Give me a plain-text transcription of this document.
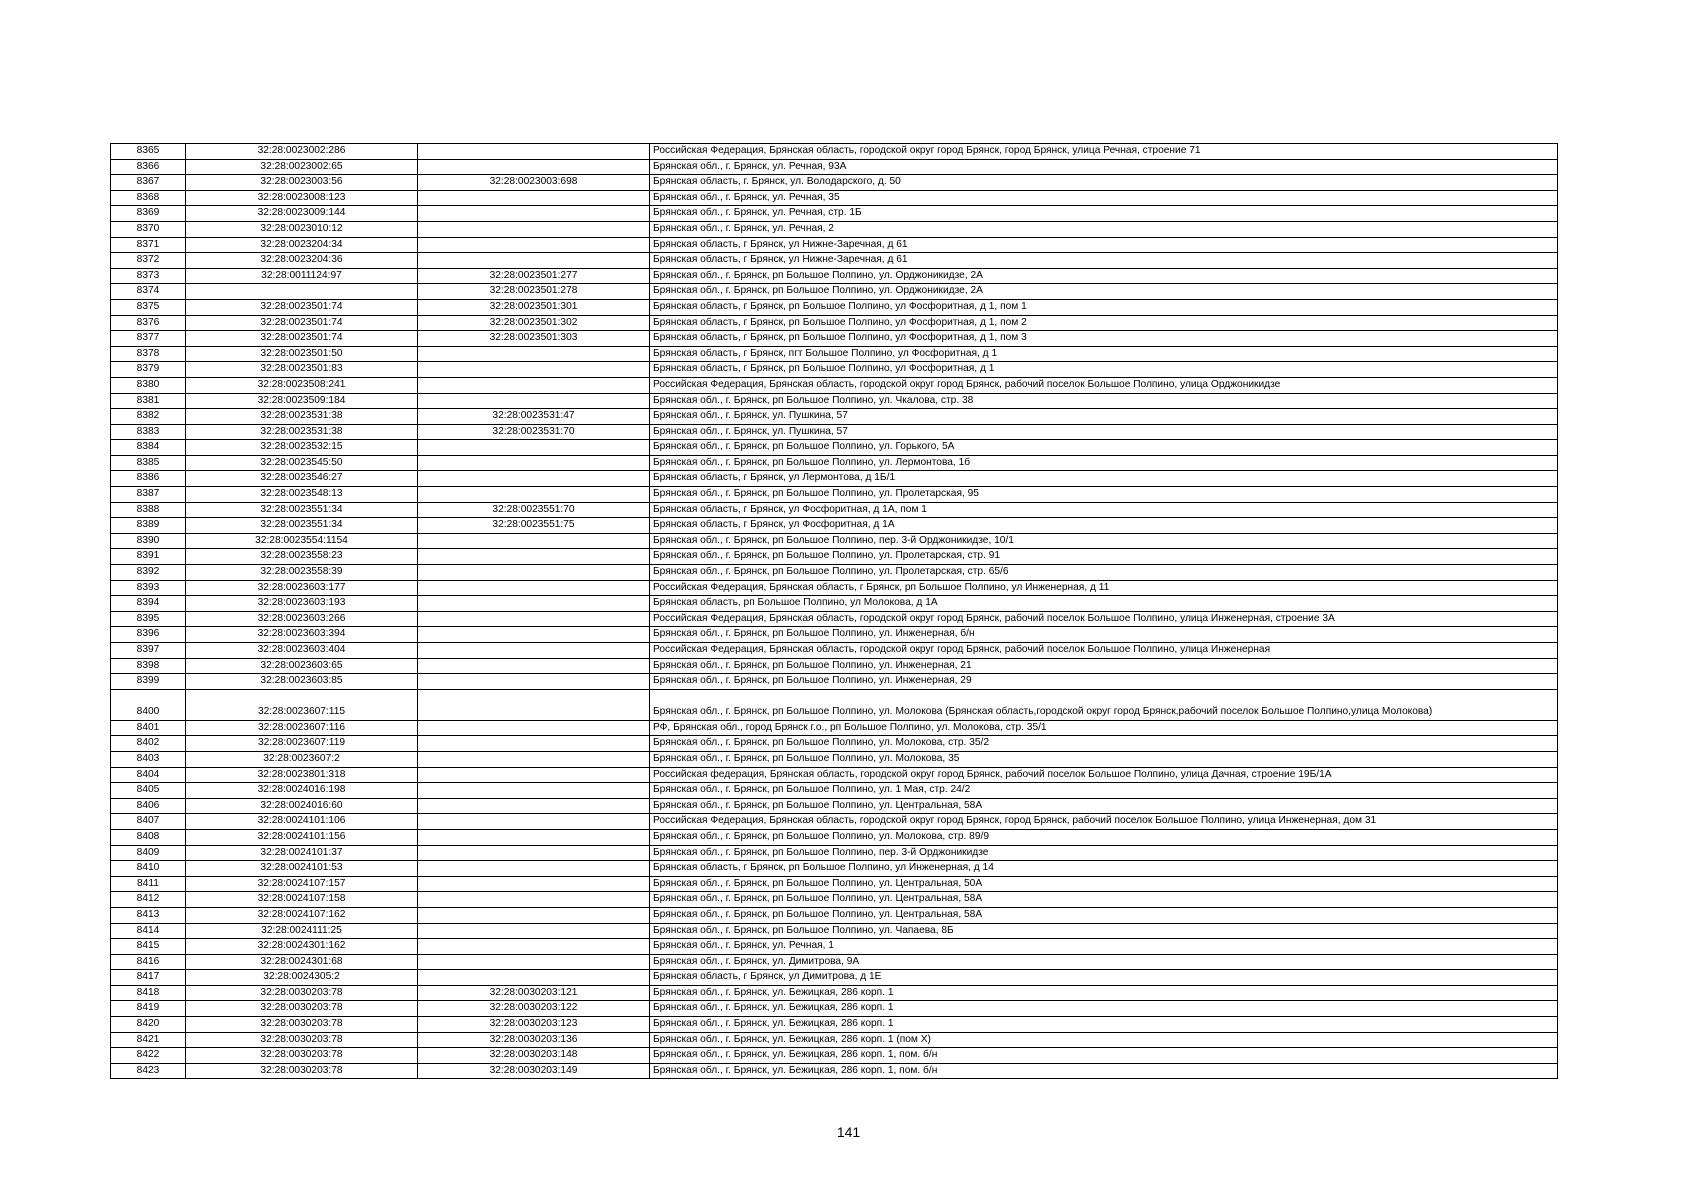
8365	32:28:0023002:286		Российская Федерация, Брянская область, городской округ город Брянск, город Брянск, улица Речная, строение 71
8366	32:28:0023002:65		Брянская обл., г. Брянск, ул. Речная, 93А
8367	32:28:0023003:56	32:28:0023003:698	Брянская область, г. Брянск, ул. Володарского, д. 50
8368	32:28:0023008:123		Брянская обл., г. Брянск, ул. Речная, 35
8369	32:28:0023009:144		Брянская обл., г. Брянск, ул. Речная, стр. 1Б
8370	32:28:0023010:12		Брянская обл., г. Брянск, ул. Речная, 2
8371	32:28:0023204:34		Брянская область, г Брянск, ул Нижне-Заречная, д 61
8372	32:28:0023204:36		Брянская область, г Брянск, ул Нижне-Заречная, д 61
8373	32:28:0011124:97	32:28:0023501:277	Брянская обл., г. Брянск, рп Большое Полпино, ул. Орджоникидзе, 2А
8374		32:28:0023501:278	Брянская обл., г. Брянск, рп Большое Полпино, ул. Орджоникидзе, 2А
8375	32:28:0023501:74	32:28:0023501:301	Брянская область, г Брянск, рп Большое Полпино, ул Фосфоритная, д 1, пом 1
8376	32:28:0023501:74	32:28:0023501:302	Брянская область, г Брянск, рп Большое Полпино, ул Фосфоритная, д 1, пом 2
8377	32:28:0023501:74	32:28:0023501:303	Брянская область, г Брянск, рп Большое Полпино, ул Фосфоритная, д 1, пом 3
8378	32:28:0023501:50		Брянская область, г Брянск, пгт Большое Полпино, ул Фосфоритная, д 1
8379	32:28:0023501:83		Брянская область, г Брянск, рп Большое Полпино, ул Фосфоритная, д 1
8380	32:28:0023508:241		Российская Федерация, Брянская область, городской округ город Брянск, рабочий поселок Большое Полпино, улица Орджоникидзе
8381	32:28:0023509:184		Брянская обл., г. Брянск, рп Большое Полпино, ул. Чкалова, стр. 38
8382	32:28:0023531:38	32:28:0023531:47	Брянская обл., г. Брянск, ул. Пушкина, 57
8383	32:28:0023531:38	32:28:0023531:70	Брянская обл., г. Брянск, ул. Пушкина, 57
8384	32:28:0023532:15		Брянская обл., г. Брянск, рп Большое Полпино, ул. Горького, 5А
8385	32:28:0023545:50		Брянская обл., г. Брянск, рп Большое Полпино, ул. Лермонтова, 1б
8386	32:28:0023546:27		Брянская область, г Брянск, ул Лермонтова, д 1Б/1
8387	32:28:0023548:13		Брянская обл., г. Брянск, рп Большое Полпино, ул. Пролетарская, 95
8388	32:28:0023551:34	32:28:0023551:70	Брянская область, г Брянск, ул Фосфоритная, д 1А, пом 1
8389	32:28:0023551:34	32:28:0023551:75	Брянская область, г Брянск, ул Фосфоритная, д 1А
8390	32:28:0023554:1154		Брянская обл., г. Брянск, рп Большое Полпино, пер. 3-й Орджоникидзе, 10/1
8391	32:28:0023558:23		Брянская обл., г. Брянск, рп Большое Полпино, ул. Пролетарская, стр. 91
8392	32:28:0023558:39		Брянская обл., г. Брянск, рп Большое Полпино, ул. Пролетарская, стр. 65/6
8393	32:28:0023603:177		Российская Федерация, Брянская область, г Брянск, рп Большое Полпино, ул Инженерная, д 11
8394	32:28:0023603:193		Брянская область, рп Большое Полпино, ул Молокова, д 1А
8395	32:28:0023603:266		Российская Федерация, Брянская область, городской округ город Брянск, рабочий поселок Большое Полпино, улица Инженерная, строение 3А
8396	32:28:0023603:394		Брянская обл., г. Брянск, рп Большое Полпино, ул. Инженерная, б/н
8397	32:28:0023603:404		Российская Федерация, Брянская область, городской округ город Брянск, рабочий поселок Большое Полпино, улица Инженерная
8398	32:28:0023603:65		Брянская обл., г. Брянск, рп Большое Полпино, ул. Инженерная, 21
8399	32:28:0023603:85		Брянская обл., г. Брянск, рп Большое Полпино, ул. Инженерная, 29
8400	32:28:0023607:115		Брянская обл., г. Брянск, рп Большое Полпино, ул. Молокова (Брянская область,городской округ город Брянск,рабочий поселок Большое Полпино,улица Молокова)
8401	32:28:0023607:116		РФ, Брянская обл., город Брянск г.о., рп Большое Полпино, ул. Молокова, стр. 35/1
8402	32:28:0023607:119		Брянская обл., г. Брянск, рп Большое Полпино, ул. Молокова, стр. 35/2
8403	32:28:0023607:2		Брянская обл., г. Брянск, рп Большое Полпино, ул. Молокова, 35
8404	32:28:0023801:318		Российская федерация, Брянская область, городской округ город Брянск, рабочий поселок Большое Полпино, улица Дачная, строение 19Б/1А
8405	32:28:0024016:198		Брянская обл., г. Брянск, рп Большое Полпино, ул. 1 Мая, стр. 24/2
8406	32:28:0024016:60		Брянская обл., г. Брянск, рп Большое Полпино, ул. Центральная, 58А
8407	32:28:0024101:106		Российская Федерация, Брянская область, городской округ город Брянск, город Брянск, рабочий поселок Большое Полпино, улица Инженерная, дом 31
8408	32:28:0024101:156		Брянская обл., г. Брянск, рп Большое Полпино, ул. Молокова, стр. 89/9
8409	32:28:0024101:37		Брянская обл., г. Брянск, рп Большое Полпино, пер. 3-й Орджоникидзе
8410	32:28:0024101:53		Брянская область, г Брянск, рп Большое Полпино, ул Инженерная, д 14
8411	32:28:0024107:157		Брянская обл., г. Брянск, рп Большое Полпино, ул. Центральная, 50А
8412	32:28:0024107:158		Брянская обл., г. Брянск, рп Большое Полпино, ул. Центральная, 58А
8413	32:28:0024107:162		Брянская обл., г. Брянск, рп Большое Полпино, ул. Центральная, 58А
8414	32:28:0024111:25		Брянская обл., г. Брянск, рп Большое Полпино, ул. Чапаева, 8Б
8415	32:28:0024301:162		Брянская обл., г. Брянск, ул. Речная, 1
8416	32:28:0024301:68		Брянская обл., г. Брянск, ул. Димитрова, 9А
8417	32:28:0024305:2		Брянская область, г Брянск, ул Димитрова, д 1Е
8418	32:28:0030203:78	32:28:0030203:121	Брянская обл., г. Брянск, ул. Бежицкая, 286 корп. 1
8419	32:28:0030203:78	32:28:0030203:122	Брянская обл., г. Брянск, ул. Бежицкая, 286 корп. 1
8420	32:28:0030203:78	32:28:0030203:123	Брянская обл., г. Брянск, ул. Бежицкая, 286 корп. 1
8421	32:28:0030203:78	32:28:0030203:136	Брянская обл., г. Брянск, ул. Бежицкая, 286 корп. 1 (пом Х)
8422	32:28:0030203:78	32:28:0030203:148	Брянская обл., г. Брянск, ул. Бежицкая, 286 корп. 1, пом. б/н
8423	32:28:0030203:78	32:28:0030203:149	Брянская обл., г. Брянск, ул. Бежицкая, 286 корп. 1, пом. б/н
141
